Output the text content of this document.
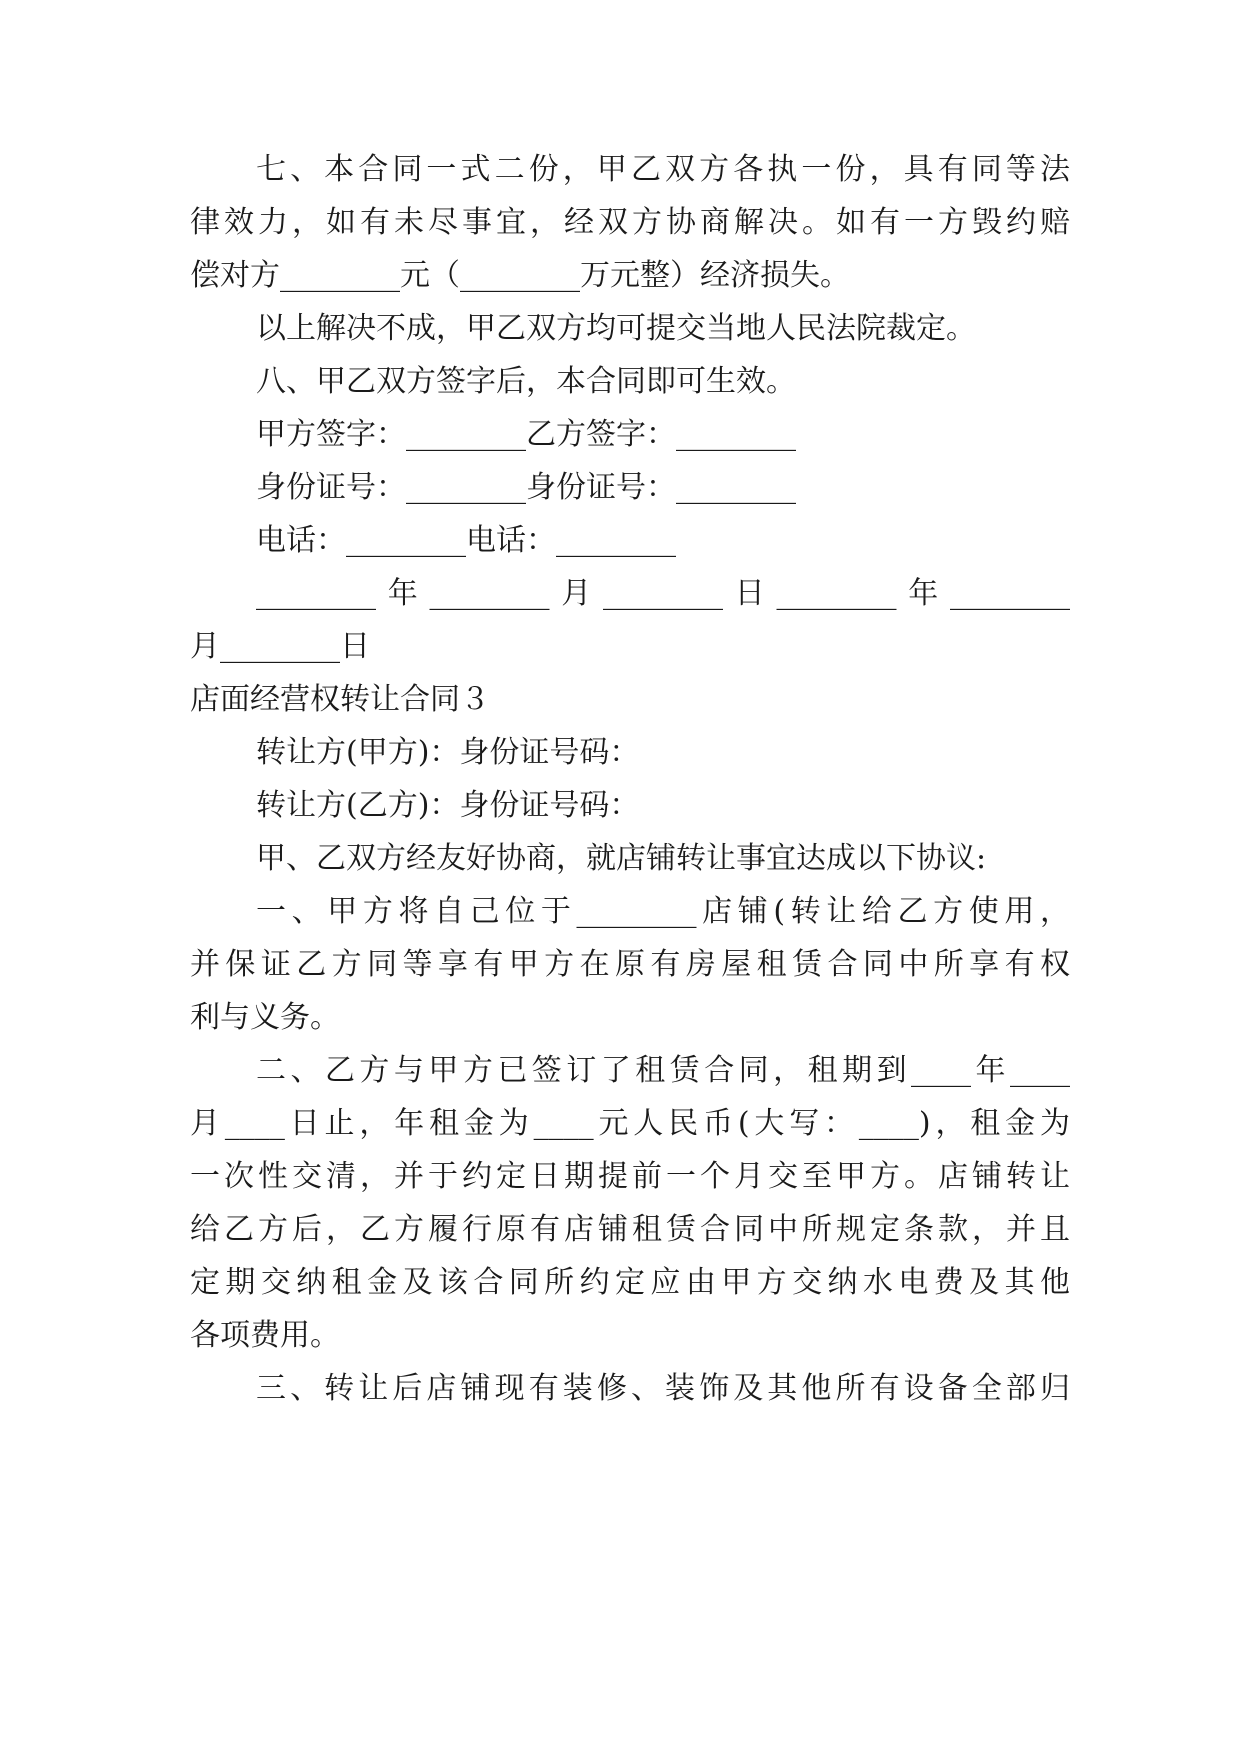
七、本合同一式二份，甲乙双方各执一份，具有同等法

律效力，如有未尽事宜，经双方协商解决。如有一方毁约赔

偿对方________元（________万元整）经济损失。

以上解决不成，甲乙双方均可提交当地人民法院裁定。

八、甲乙双方签字后，本合同即可生效。

甲方签字：________乙方签字：________

身份证号：________身份证号：________

电话：________电话：________

________年________月________日________年________

月________日

店面经营权转让合同３

转让方(甲方)：身份证号码：

转让方(乙方)：身份证号码：

甲、乙双方经友好协商，就店铺转让事宜达成以下协议:

一、甲方将自己位于________店铺(转让给乙方使用，

并保证乙方同等享有甲方在原有房屋租赁合同中所享有权

利与义务。

二、乙方与甲方已签订了租赁合同，租期到____年____

月____日止，年租金为____元人民币(大写：____)，租金为

一次性交清，并于约定日期提前一个月交至甲方。店铺转让

给乙方后，乙方履行原有店铺租赁合同中所规定条款，并且

定期交纳租金及该合同所约定应由甲方交纳水电费及其他

各项费用。

三、转让后店铺现有装修、装饰及其他所有设备全部归
